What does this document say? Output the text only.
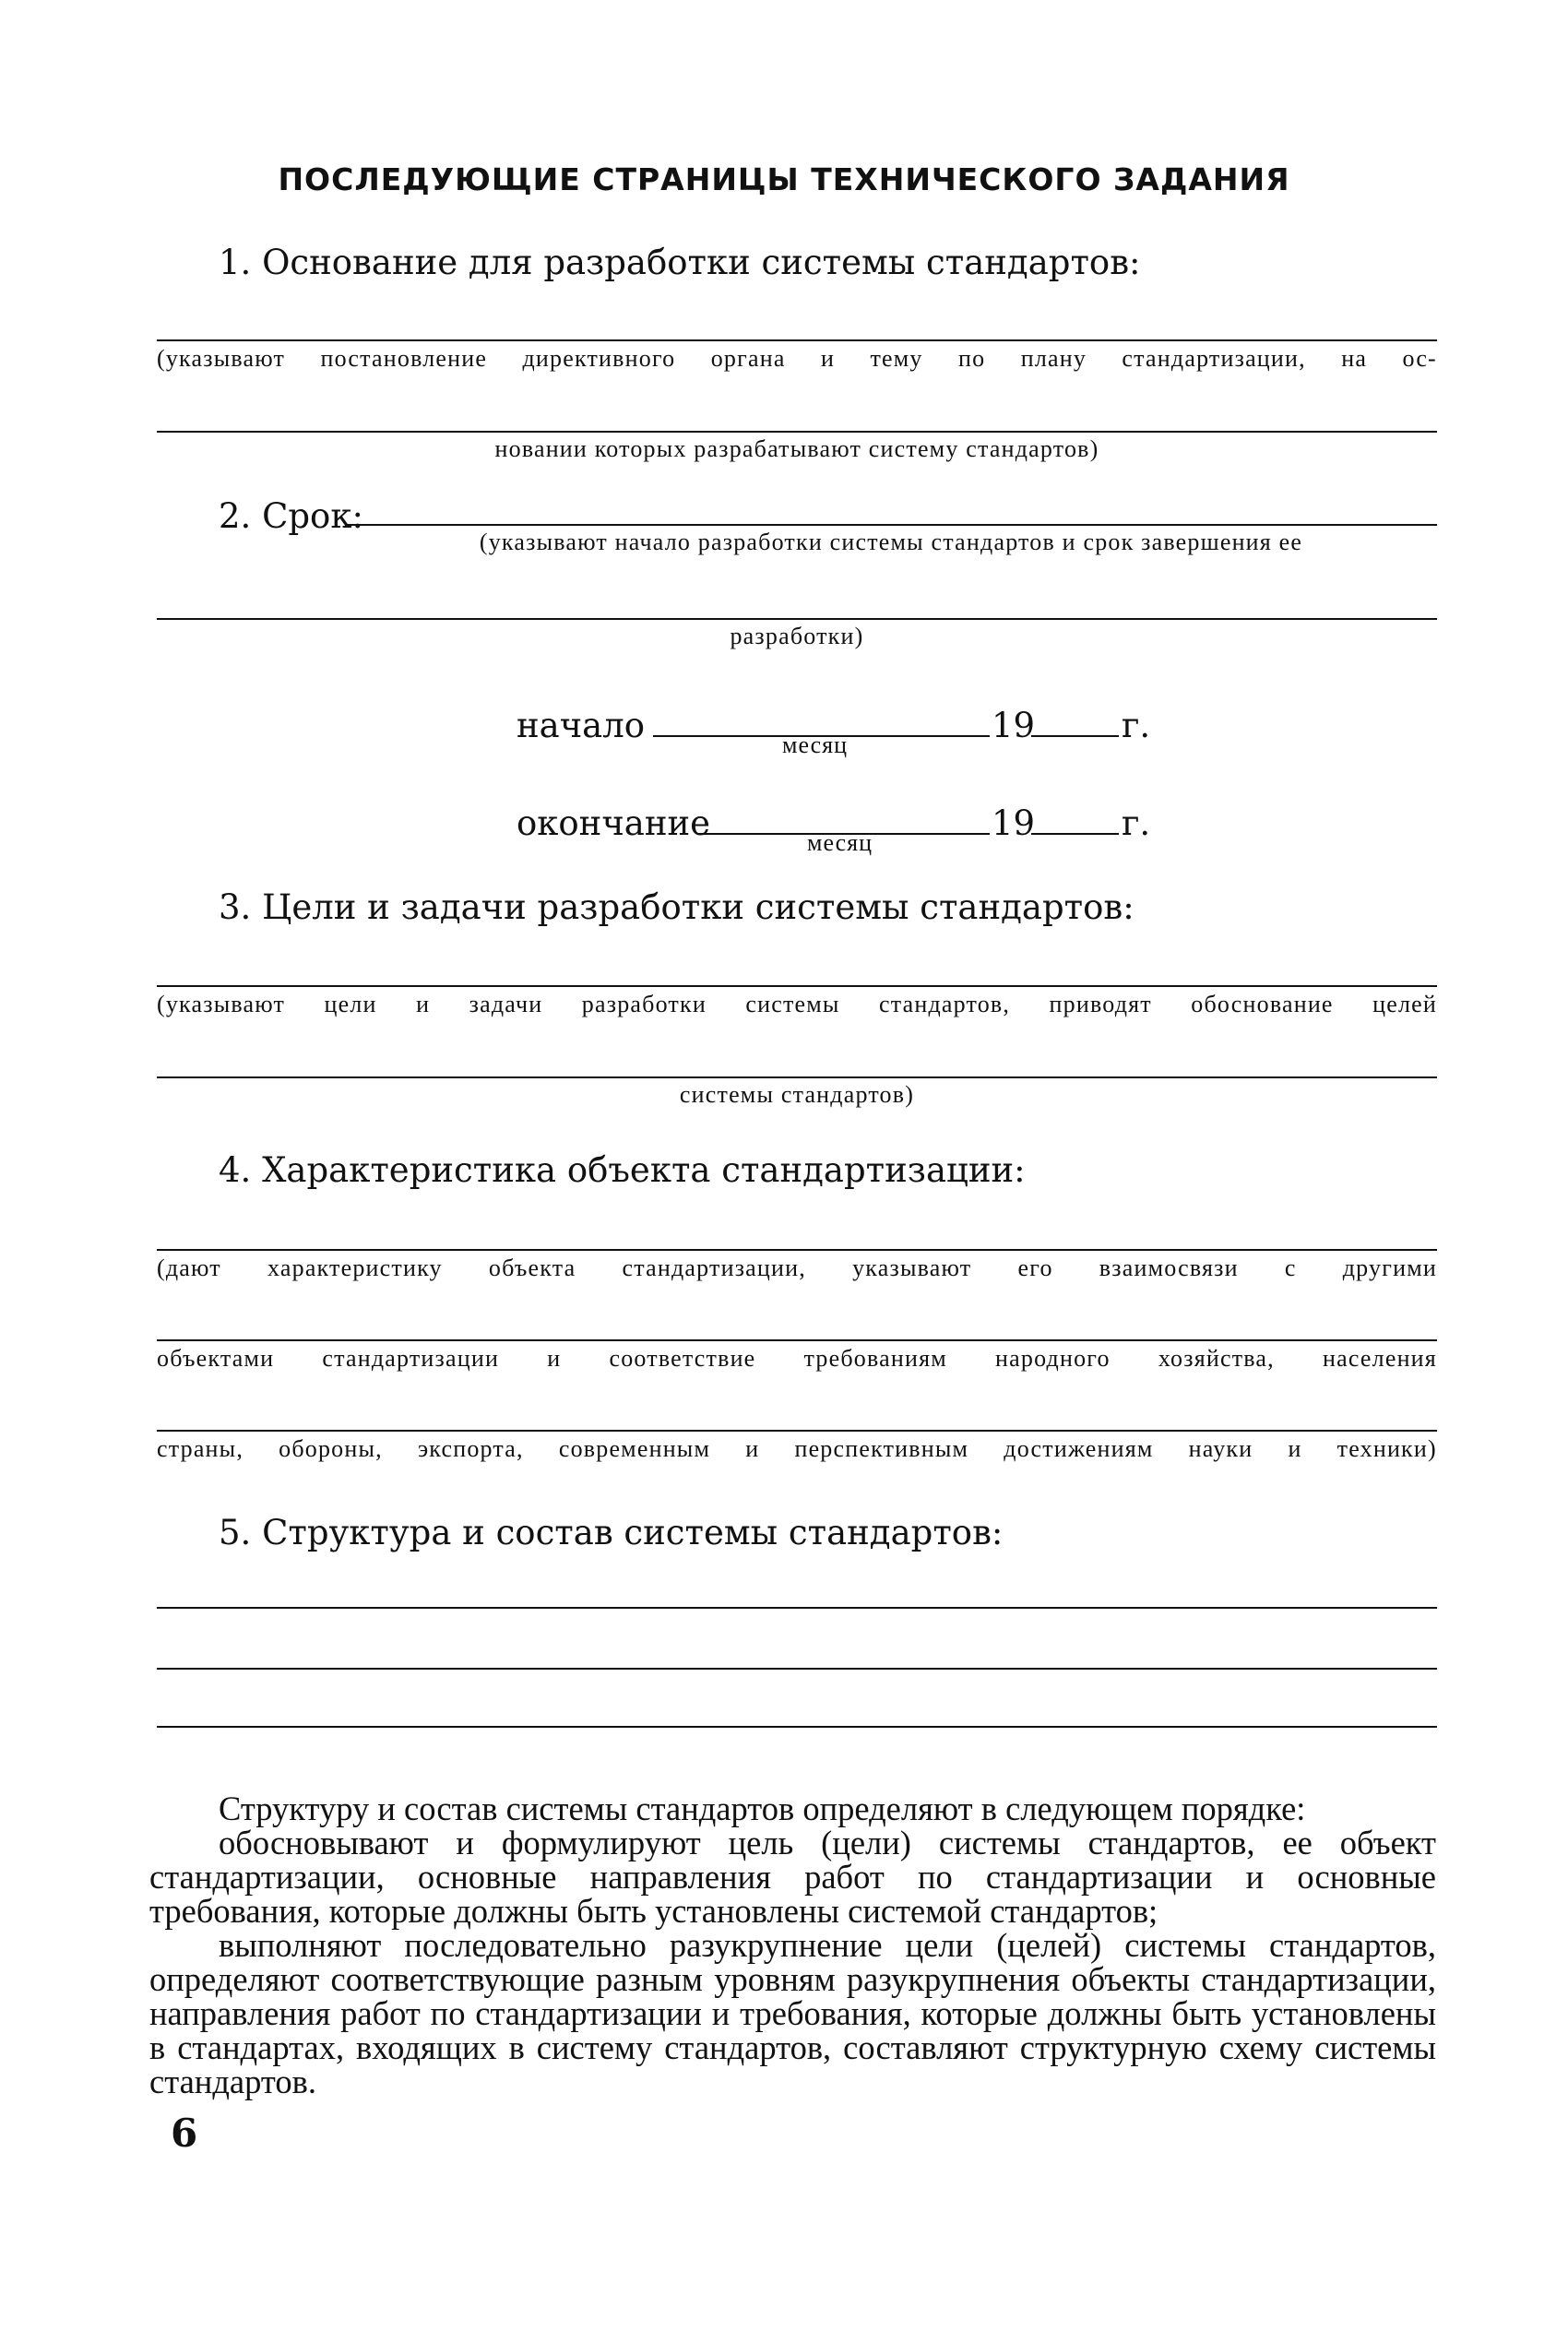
ПОСЛЕДУЮЩИЕ СТРАНИЦЫ ТЕХНИЧЕСКОГО ЗАДАНИЯ
1. Основание для разработки системы стандартов:
(указывают постановление директивного органа и тему по плану стандартизации, на ос-
новании которых разрабатывают систему стандартов)
2. Срок:
(указывают начало разработки системы стандартов и срок завершения ее
разработки)
начало	месяц	19	г.
окончание	месяц	19	г.
3. Цели и задачи разработки системы стандартов:
(указывают цели и задачи разработки системы стандартов, приводят обоснование целей
системы стандартов)
4. Характеристика объекта стандартизации:
(дают характеристику объекта стандартизации, указывают его взаимосвязи с другими
объектами стандартизации и соответствие требованиям народного хозяйства, населения
страны, обороны, экспорта, современным и перспективным достижениям науки и техники)
5. Структура и состав системы стандартов:

Структуру и состав системы стандартов определяют в следующем порядке:

обосновывают и формулируют цель (цели) системы стандартов, ее объект стандартизации, основные направления работ по стандартизации и основные требования, которые должны быть установлены системой стандартов;

выполняют последовательно разукрупнение цели (целей) системы стандартов, определяют соответствующие разным уровням разукрупнения объекты стандартизации, направления работ по стандартизации и требования, которые должны быть установлены в стандартах, входящих в систему стандартов, составляют структурную схему системы стандартов.

6
